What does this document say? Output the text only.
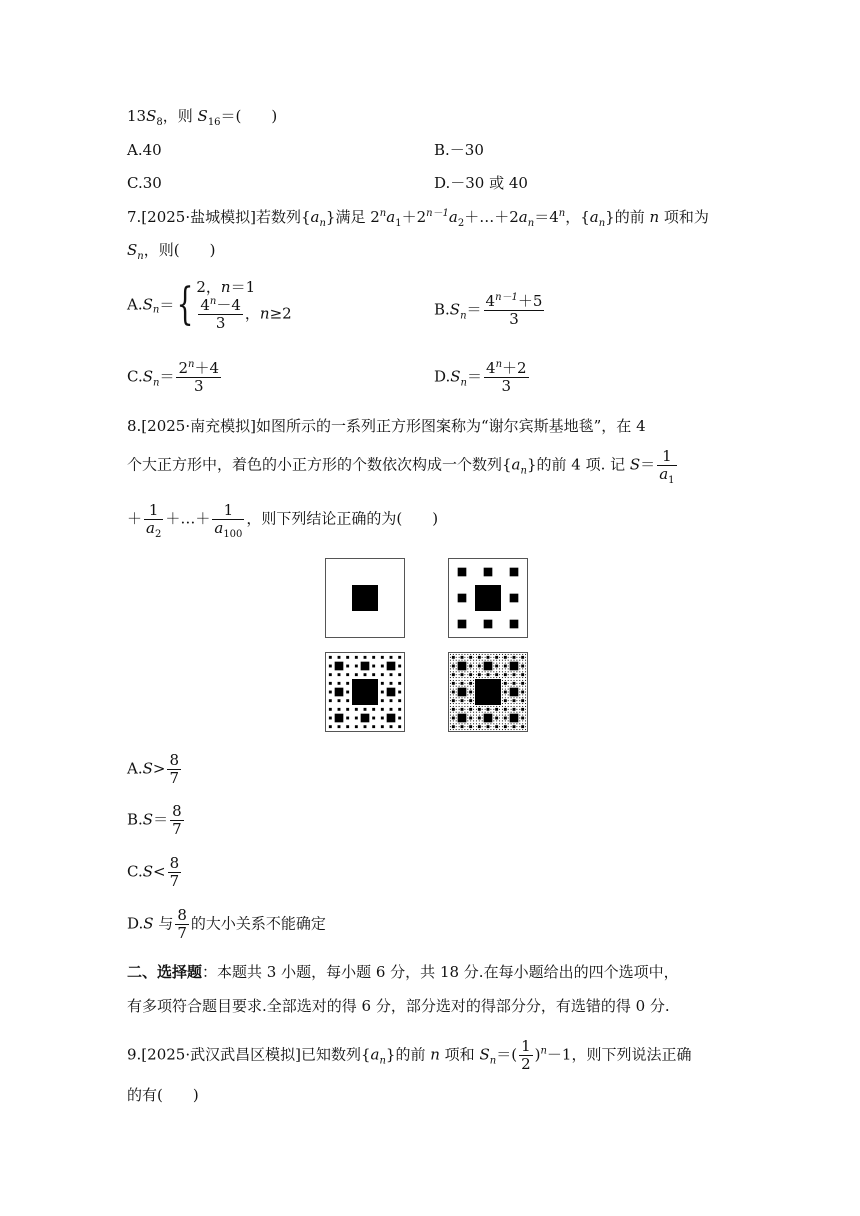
$13S_8$，则 $S_{16}=$(　　)
A.40	B.－30
C.30	D.－30 或 40
7.[2025·盐城模拟]若数列$\{a_n\}$满足 $2^na_1+2^{n-1}a_2+\dots+2a_n=4^n$，$\{a_n\}$的前 n 项和为
$S_n$，则(　　)
$A.S_n=${ 2，n＝1
$\frac{4^n-4}{3}$ ，n≥2	$B.S_n= \frac{4^{n-1}+5}{3}$
$C.S_n= \frac{2^n+4}{3}$	$D.S_n= \frac{4^n+2}{3}$
8.[2025·南充模拟]如图所示的一系列正方形图案称为“谢尔宾斯基地毯”，在 4
个大正方形中，着色的小正方形的个数依次构成一个数列$\{a_n\}$的前 4 项. 记 $S= \frac{1}{a_1}$
＋ $\frac{1}{a_2}$ ＋…＋ $\frac{1}{a_{100}}$ ，则下列结论正确的为(　　)
$A.S> \frac{8}{7}$
$B.S= \frac{8}{7}$
$C.S< \frac{8}{7}$
D.S 与 $\frac{8}{7}$ 的大小关系不能确定
二、选择题：本题共 3 小题，每小题 6 分，共 18 分.在每小题给出的四个选项中，
有多项符合题目要求.全部选对的得 6 分，部分选对的得部分分，有选错的得 0 分.
9.[2025·武汉武昌区模拟]已知数列$\{a_n\}$的前 n 项和 $S_n=( \frac{1}{2} )^n-1$，则下列说法正确
的有(　　)
